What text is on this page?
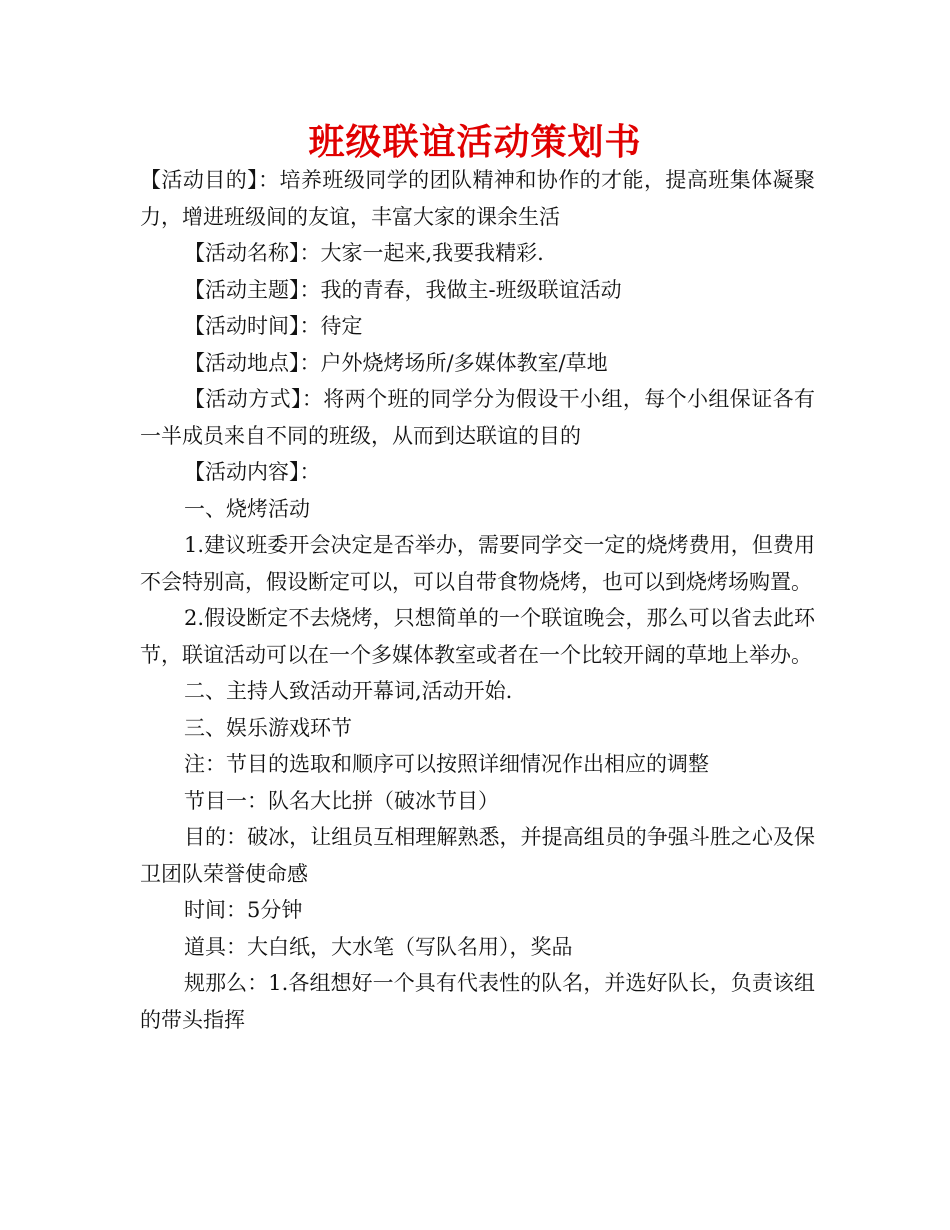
班级联谊活动策划书

【活动目的】：培养班级同学的团队精神和协作的才能，提高班集体凝聚力，增进班级间的友谊，丰富大家的课余生活

【活动名称】：大家一起来,我要我精彩.

【活动主题】：我的青春，我做主-班级联谊活动

【活动时间】：待定

【活动地点】：户外烧烤场所/多媒体教室/草地

【活动方式】：将两个班的同学分为假设干小组，每个小组保证各有一半成员来自不同的班级，从而到达联谊的目的

【活动内容】：

一、烧烤活动

1.建议班委开会决定是否举办，需要同学交一定的烧烤费用，但费用不会特别高，假设断定可以，可以自带食物烧烤，也可以到烧烤场购置。

2.假设断定不去烧烤，只想简单的一个联谊晚会，那么可以省去此环节，联谊活动可以在一个多媒体教室或者在一个比较开阔的草地上举办。

二、主持人致活动开幕词,活动开始.

三、娱乐游戏环节

注：节目的选取和顺序可以按照详细情况作出相应的调整

节目一：队名大比拼（破冰节目）

目的：破冰，让组员互相理解熟悉，并提高组员的争强斗胜之心及保卫团队荣誉使命感

时间：5分钟

道具：大白纸，大水笔（写队名用），奖品

规那么：1.各组想好一个具有代表性的队名，并选好队长，负责该组的带头指挥
